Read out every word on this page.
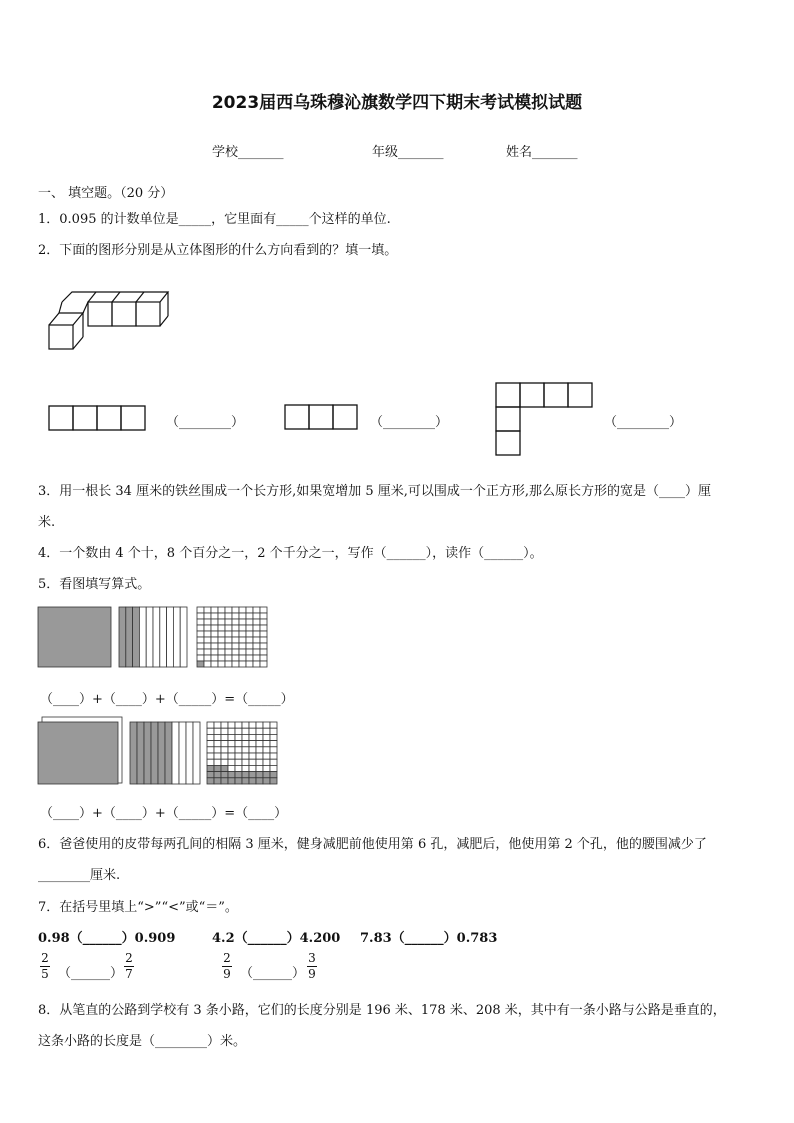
2023届西乌珠穆沁旗数学四下期末考试模拟试题
学校_______	年级_______	姓名_______
一、 填空题。（20 分）
1．0.095 的计数单位是_____，它里面有_____个这样的单位.
2．下面的图形分别是从立体图形的什么方向看到的？填一填。
（________）	（________）	（________）
3．用一根长 34 厘米的铁丝围成一个长方形,如果宽增加 5 厘米,可以围成一个正方形,那么原长方形的宽是（____）厘
米.
4．一个数由 4 个十，8 个百分之一，2 个千分之一，写作（______），读作（______）。
5．看图填写算式。
（____）+（____）+（_____）=（_____）
（____）+（____）+（_____）=（____）
6．爸爸使用的皮带每两孔间的相隔 3 厘米，健身减肥前他使用第 6 孔，减肥后，他使用第 2 个孔，他的腰围减少了
________厘米.
7．在括号里填上“>”“<”或“＝”。
0.98（______）0.909	4.2（______）4.200 7.83（______）0.783
2
5 （______）
2
7
2
9 （______）
3
9
8．从笔直的公路到学校有 3 条小路，它们的长度分别是 196 米、178 米、208 米，其中有一条小路与公路是垂直的，
这条小路的长度是（________）米。
